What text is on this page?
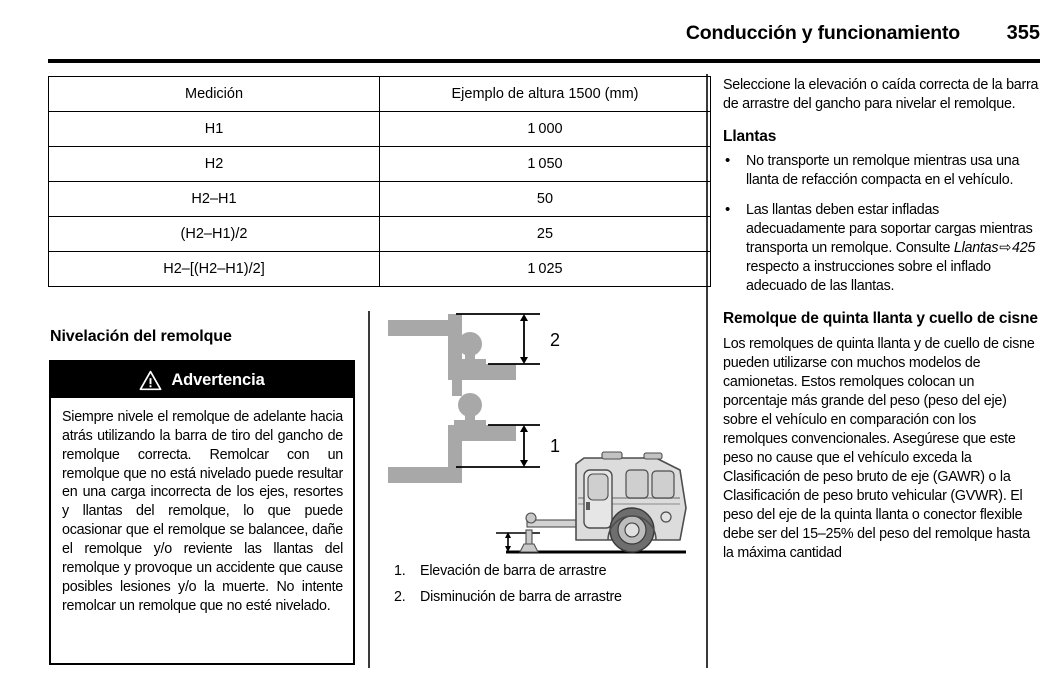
Conducción y funcionamiento	355
Medición	Ejemplo de altura 1500 (mm)
H1	1 000
H2	1 050
H2–H1	50
(H2–H1)/2	25
H2–[(H2–H1)/2]	1 025
Nivelación del remolque
Advertencia
Siempre nivele el remolque de adelante hacia atrás utilizando la barra de tiro del gancho de remolque correcta. Remolcar con un remolque que no está nivelado puede resultar en una carga incorrecta de los ejes, resortes y llantas del remolque, lo que puede ocasionar que el remolque se balancee, dañe el remolque y/o reviente las llantas del remolque y provoque un accidente que cause posibles lesiones y/o la muerte. No intente remolcar un remolque que no esté nivelado.
2
1
1.	Elevación de barra de arrastre
2.	Disminución de barra de arrastre

Seleccione la elevación o caída correcta de la barra de arrastre del gancho para nivelar el remolque.

Llantas
•	No transporte un remolque mientras usa una llanta de refacción compacta en el vehículo.
•	Las llantas deben estar infladas adecuadamente para soportar cargas mientras transporta un remolque. Consulte Llantas⇨425 respecto a instrucciones sobre el inflado adecuado de las llantas.
Remolque de quinta llanta y cuello de cisne

Los remolques de quinta llanta y de cuello de cisne pueden utilizarse con muchos modelos de camionetas. Estos remolques colocan un porcentaje más grande del peso (peso del eje) sobre el vehículo en comparación con los remolques convencionales. Asegúrese que este peso no cause que el vehículo exceda la Clasificación de peso bruto de eje (GAWR) o la Clasificación de peso bruto vehicular (GVWR). El peso del eje de la quinta llanta o conector flexible debe ser del 15–25% del peso del remolque hasta la máxima cantidad
